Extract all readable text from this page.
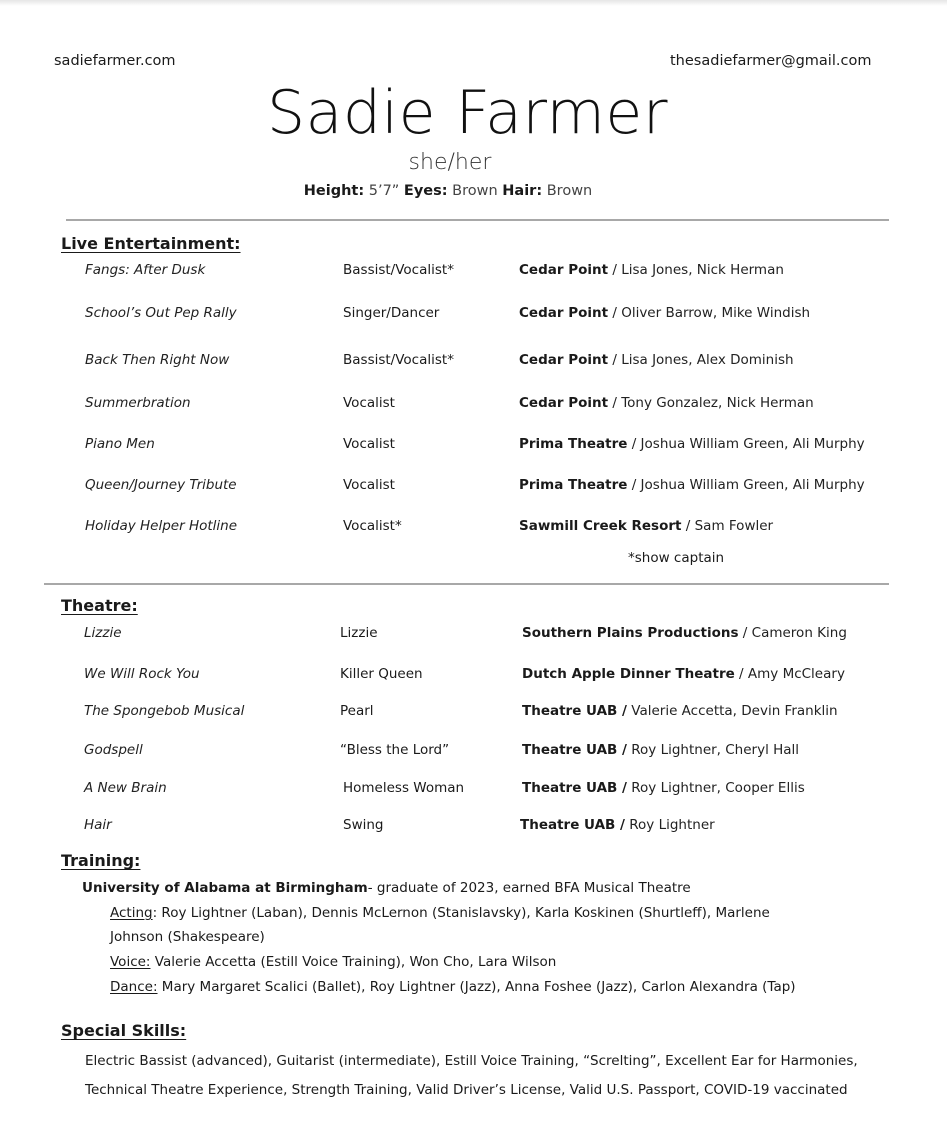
sadiefarmer.com	thesadiefarmer@gmail.com
Sadie Farmer
she/her
Height: 5’7” Eyes: Brown Hair: Brown
Live Entertainment:
Fangs: After Dusk	Bassist/Vocalist*	Cedar Point / Lisa Jones, Nick Herman
School’s Out Pep Rally	Singer/Dancer	Cedar Point / Oliver Barrow, Mike Windish
Back Then Right Now	Bassist/Vocalist*	Cedar Point / Lisa Jones, Alex Dominish
Summerbration	Vocalist	Cedar Point / Tony Gonzalez, Nick Herman
Piano Men	Vocalist	Prima Theatre / Joshua William Green, Ali Murphy
Queen/Journey Tribute	Vocalist	Prima Theatre / Joshua William Green, Ali Murphy
Holiday Helper Hotline	Vocalist*	Sawmill Creek Resort / Sam Fowler
*show captain
Theatre:
Lizzie	Lizzie	Southern Plains Productions / Cameron King
We Will Rock You	Killer Queen	Dutch Apple Dinner Theatre / Amy McCleary
The Spongebob Musical	Pearl	Theatre UAB / Valerie Accetta, Devin Franklin
Godspell	“Bless the Lord”	Theatre UAB / Roy Lightner, Cheryl Hall
A New Brain	Homeless Woman	Theatre UAB / Roy Lightner, Cooper Ellis
Hair	Swing	Theatre UAB / Roy Lightner
Training:
University of Alabama at Birmingham- graduate of 2023, earned BFA Musical Theatre
Acting: Roy Lightner (Laban), Dennis McLernon (Stanislavsky), Karla Koskinen (Shurtleff), Marlene
Johnson (Shakespeare)
Voice: Valerie Accetta (Estill Voice Training), Won Cho, Lara Wilson
Dance: Mary Margaret Scalici (Ballet), Roy Lightner (Jazz), Anna Foshee (Jazz), Carlon Alexandra (Tap)
Special Skills:
Electric Bassist (advanced), Guitarist (intermediate), Estill Voice Training, “Screlting”, Excellent Ear for Harmonies,
Technical Theatre Experience, Strength Training, Valid Driver’s License, Valid U.S. Passport, COVID-19 vaccinated
